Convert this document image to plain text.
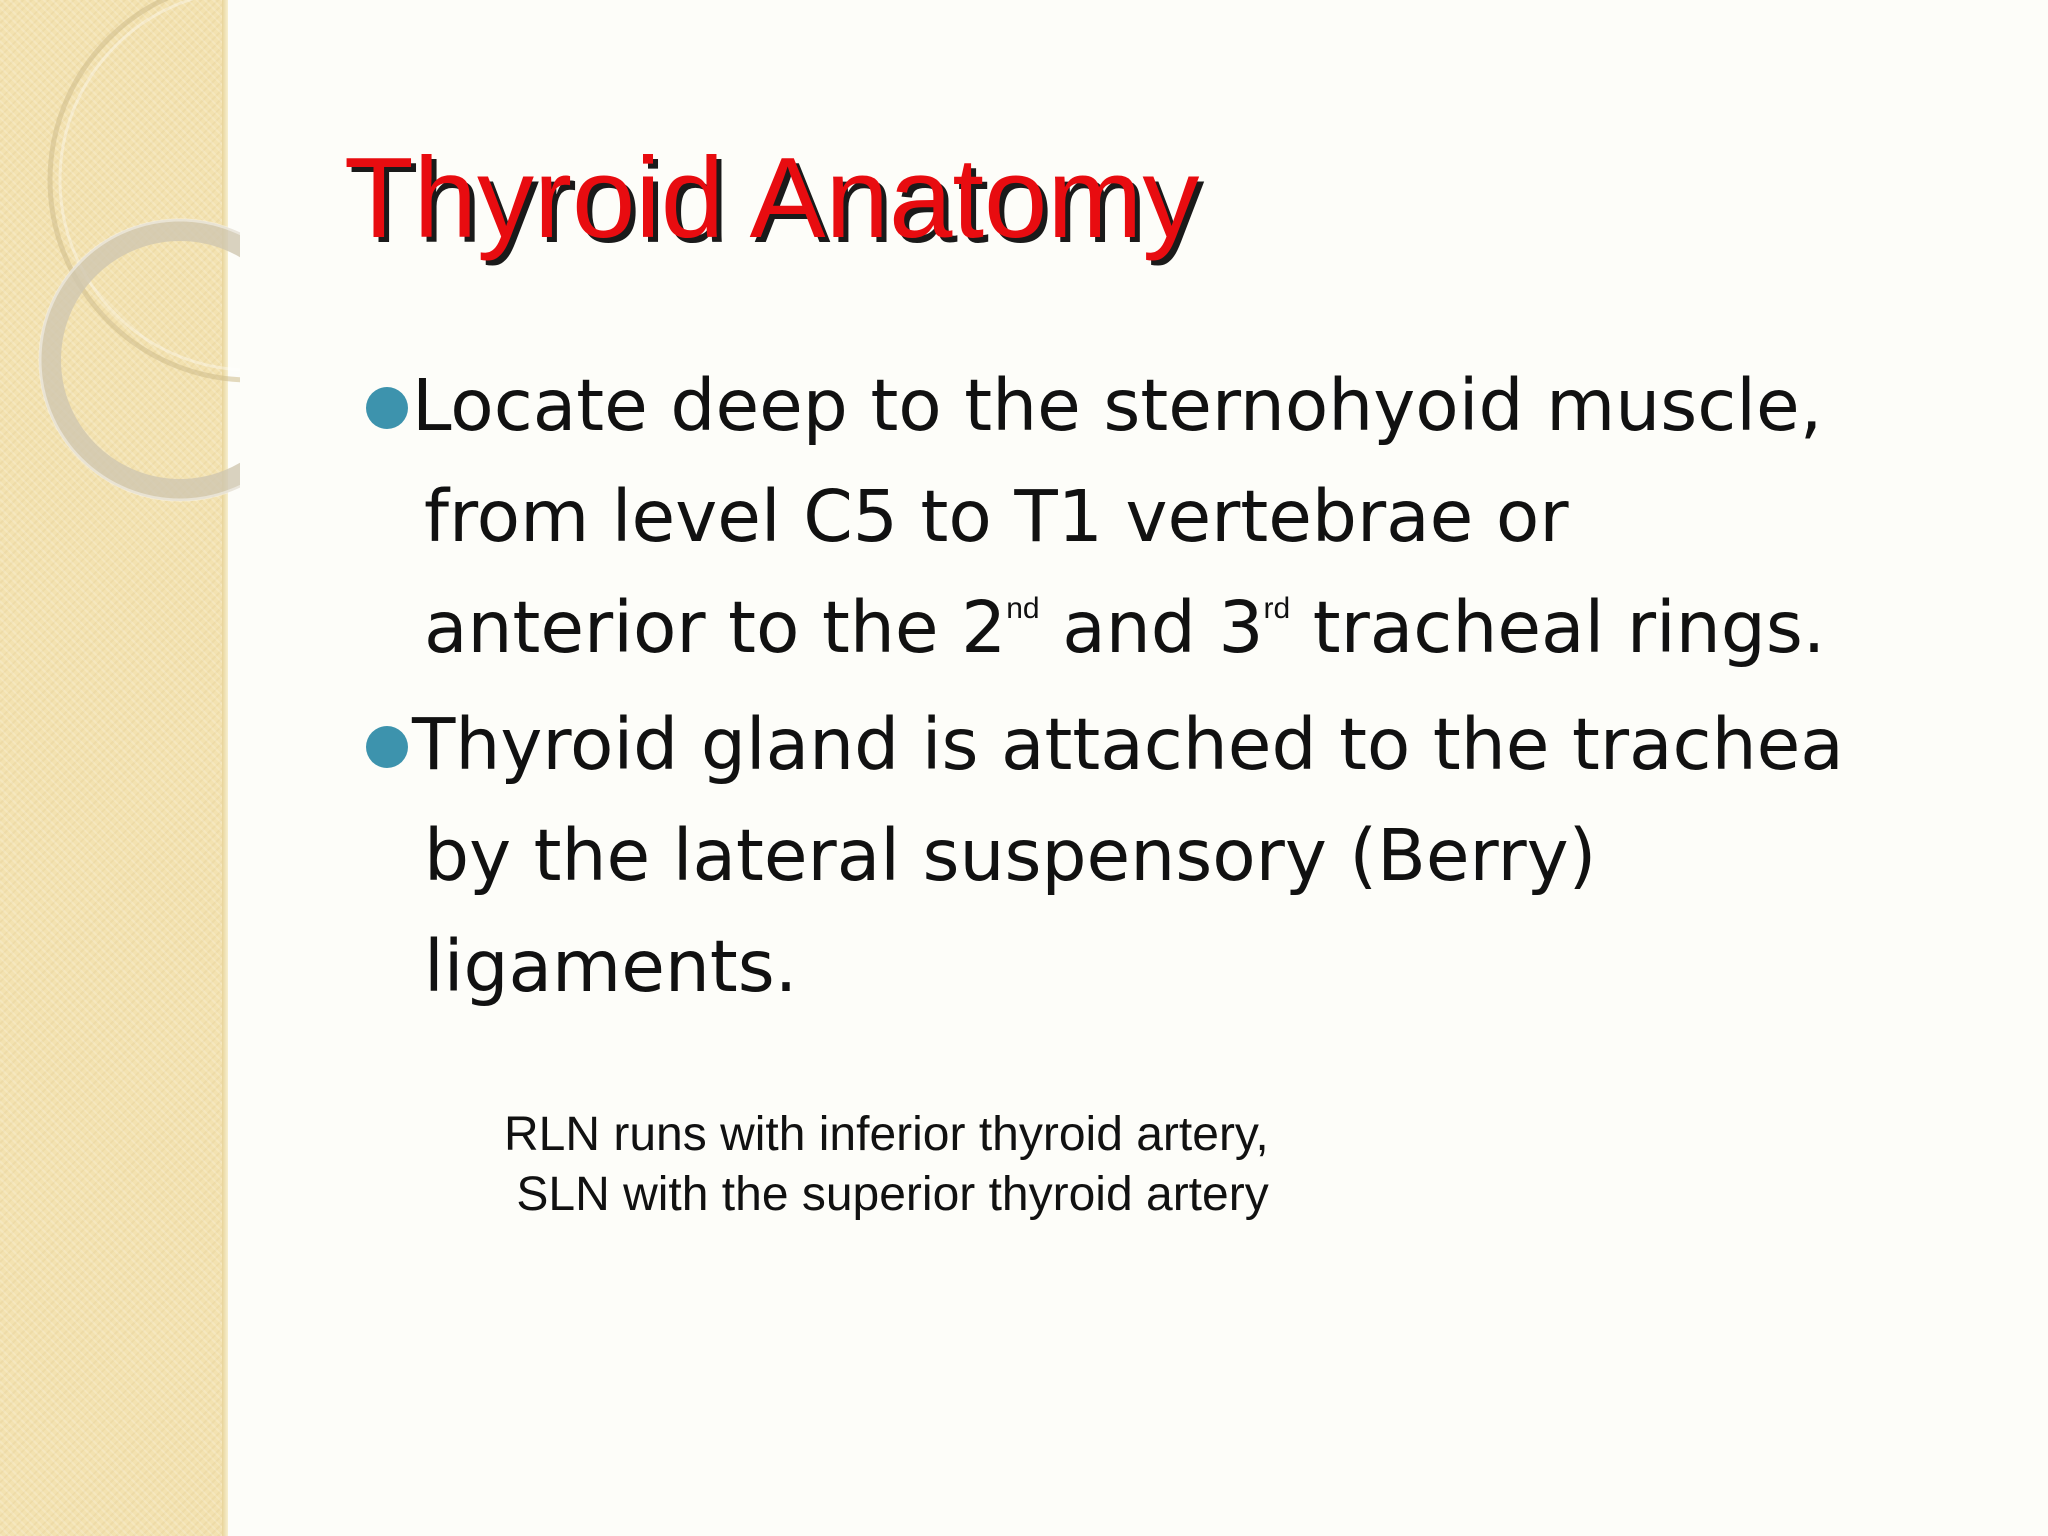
Thyroid Anatomy
Locate deep to the sternohyoid muscle,
from level C5 to T1 vertebrae or
anterior to the 2nd and 3rd tracheal rings.
Thyroid gland is attached to the trachea
by the lateral suspensory (Berry)
ligaments.
RLN runs with inferior thyroid artery,
SLN with the superior thyroid artery
